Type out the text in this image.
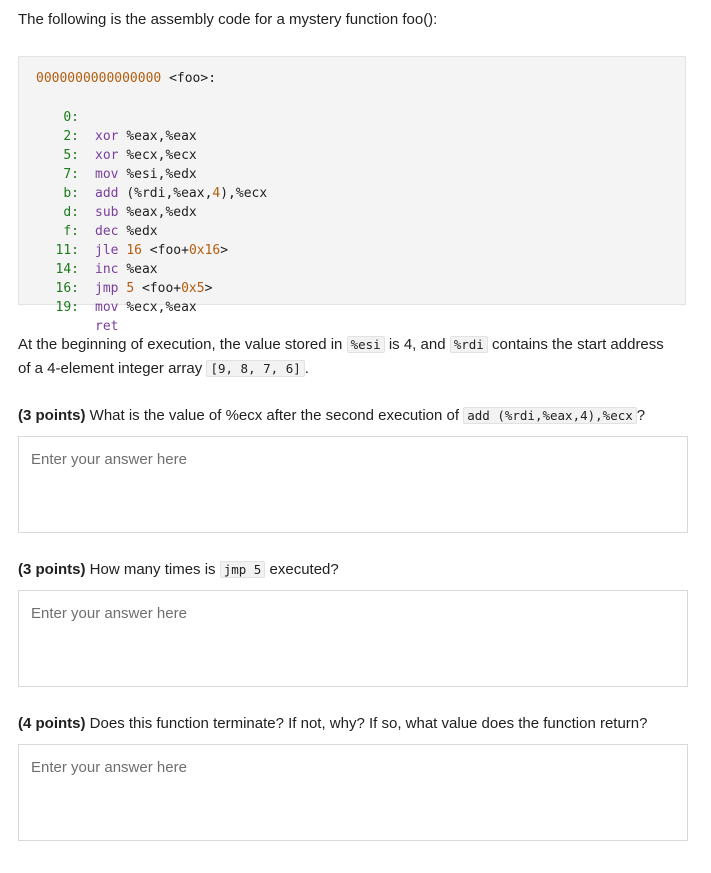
The following is the assembly code for a mystery function foo():
0000000000000000 <foo>:

0:

xor %eax,%eax

2:

xor %ecx,%ecx

5:

mov %esi,%edx

7:

add (%rdi,%eax,4),%ecx

b:

sub %eax,%edx

d:

dec %edx

f:

jle 16 <foo+0x16>

11:

inc %eax

14:

jmp 5 <foo+0x5>

16:

mov %ecx,%eax

19:

ret

At the beginning of execution, the value stored in %esi is 4, and %rdi contains the start address of a 4-element integer array [9, 8, 7, 6] .
(3 points) What is the value of %ecx after the second execution of add (%rdi,%eax,4),%ecx ?
Enter your answer here
(3 points) How many times is jmp 5 executed?
Enter your answer here
(4 points) Does this function terminate? If not, why? If so, what value does the function return?
Enter your answer here
